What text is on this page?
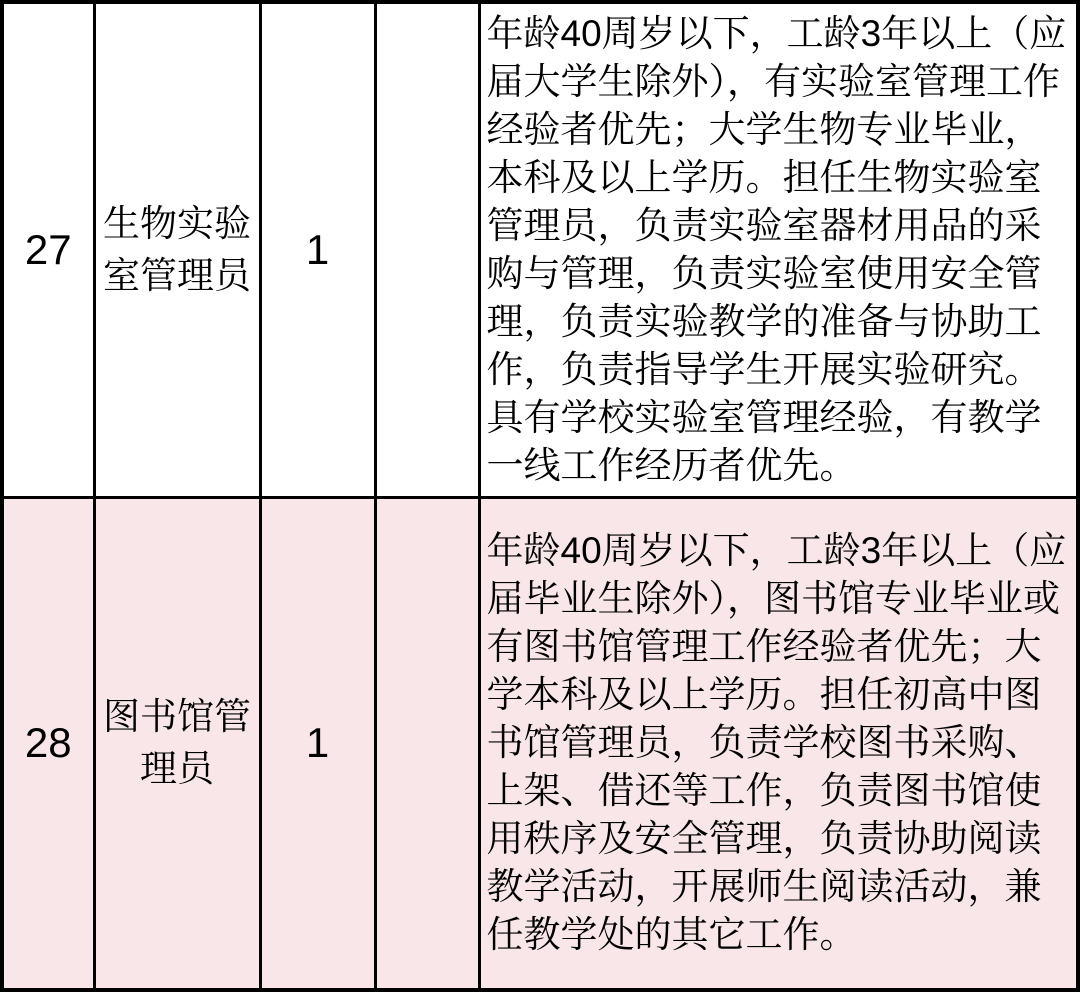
27	生物实验室管理员	1		年龄40周岁以下，工龄3年以上（应届大学生除外），有实验室管理工作经验者优先；大学生物专业毕业，本科及以上学历。担任生物实验室管理员，负责实验室器材用品的采购与管理，负责实验室使用安全管理，负责实验教学的准备与协助工作，负责指导学生开展实验研究。具有学校实验室管理经验，有教学一线工作经历者优先。
28	图书馆管理员	1		年龄40周岁以下，工龄3年以上（应届毕业生除外），图书馆专业毕业或有图书馆管理工作经验者优先；大学本科及以上学历。担任初高中图书馆管理员，负责学校图书采购、上架、借还等工作，负责图书馆使用秩序及安全管理，负责协助阅读教学活动，开展师生阅读活动，兼任教学处的其它工作。
